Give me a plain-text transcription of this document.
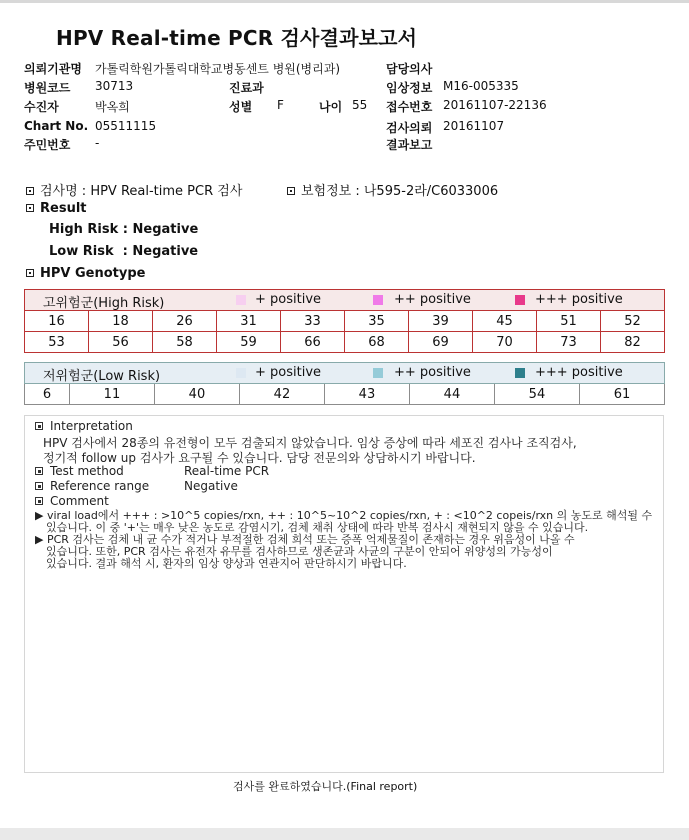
HPV Real-time PCR 검사결과보고서
의뢰기관명 가톨릭학원가톨릭대학교병동센트 병원(병리과)	담당의사
병원코드 30713	진료과	임상정보 M16-005335
수진자	박옥희	성별 F	나이 55 접수번호 20161107-22136
Chart No. 05511115	검사의뢰 20161107
주민번호 -	결과보고
검사명 : HPV Real-time PCR 검사	보험정보 : 나595-2라/C6033006
Result
High Risk : Negative
Low Risk  : Negative
HPV Genotype
고위험군(High Risk) + positive ++ positive +++ positive									

16	18	26	31	33	35	39	45	51	52
53	56	58	59	66	68	69	70	73	82
저위험군(Low Risk)	+ positive	++ positive	+++ positive

6	11	40	42	43	44	54	61
Interpretation
HPV 검사에서 28종의 유전형이 모두 검출되지 않았습니다. 임상 증상에 따라 세포진 검사나 조직검사,
정기적 follow up 검사가 요구될 수 있습니다. 담당 전문의와 상담하시기 바랍니다.
Test method	Real-time PCR
Reference range	Negative
Comment
▶ viral load에서 +++ : >10^5 copies/rxn, ++ : 10^5~10^2 copies/rxn, + : <10^2 copeis/rxn 의 농도로 해석될 수
있습니다. 이 중 '+'는 매우 낮은 농도로 감염시기, 검체 채취 상태에 따라 반복 검사시 재현되지 않을 수 있습니다.
▶ PCR 검사는 검체 내 균 수가 적거나 부적절한 검체 희석 또는 증폭 억제물질이 존재하는 경우 위음성이 나올 수
있습니다. 또한, PCR 검사는 유전자 유무를 검사하므로 생존균과 사균의 구분이 안되어 위양성의 가능성이
있습니다. 결과 해석 시, 환자의 임상 양상과 연관지어 판단하시기 바랍니다.
검사를 완료하였습니다.(Final report)
